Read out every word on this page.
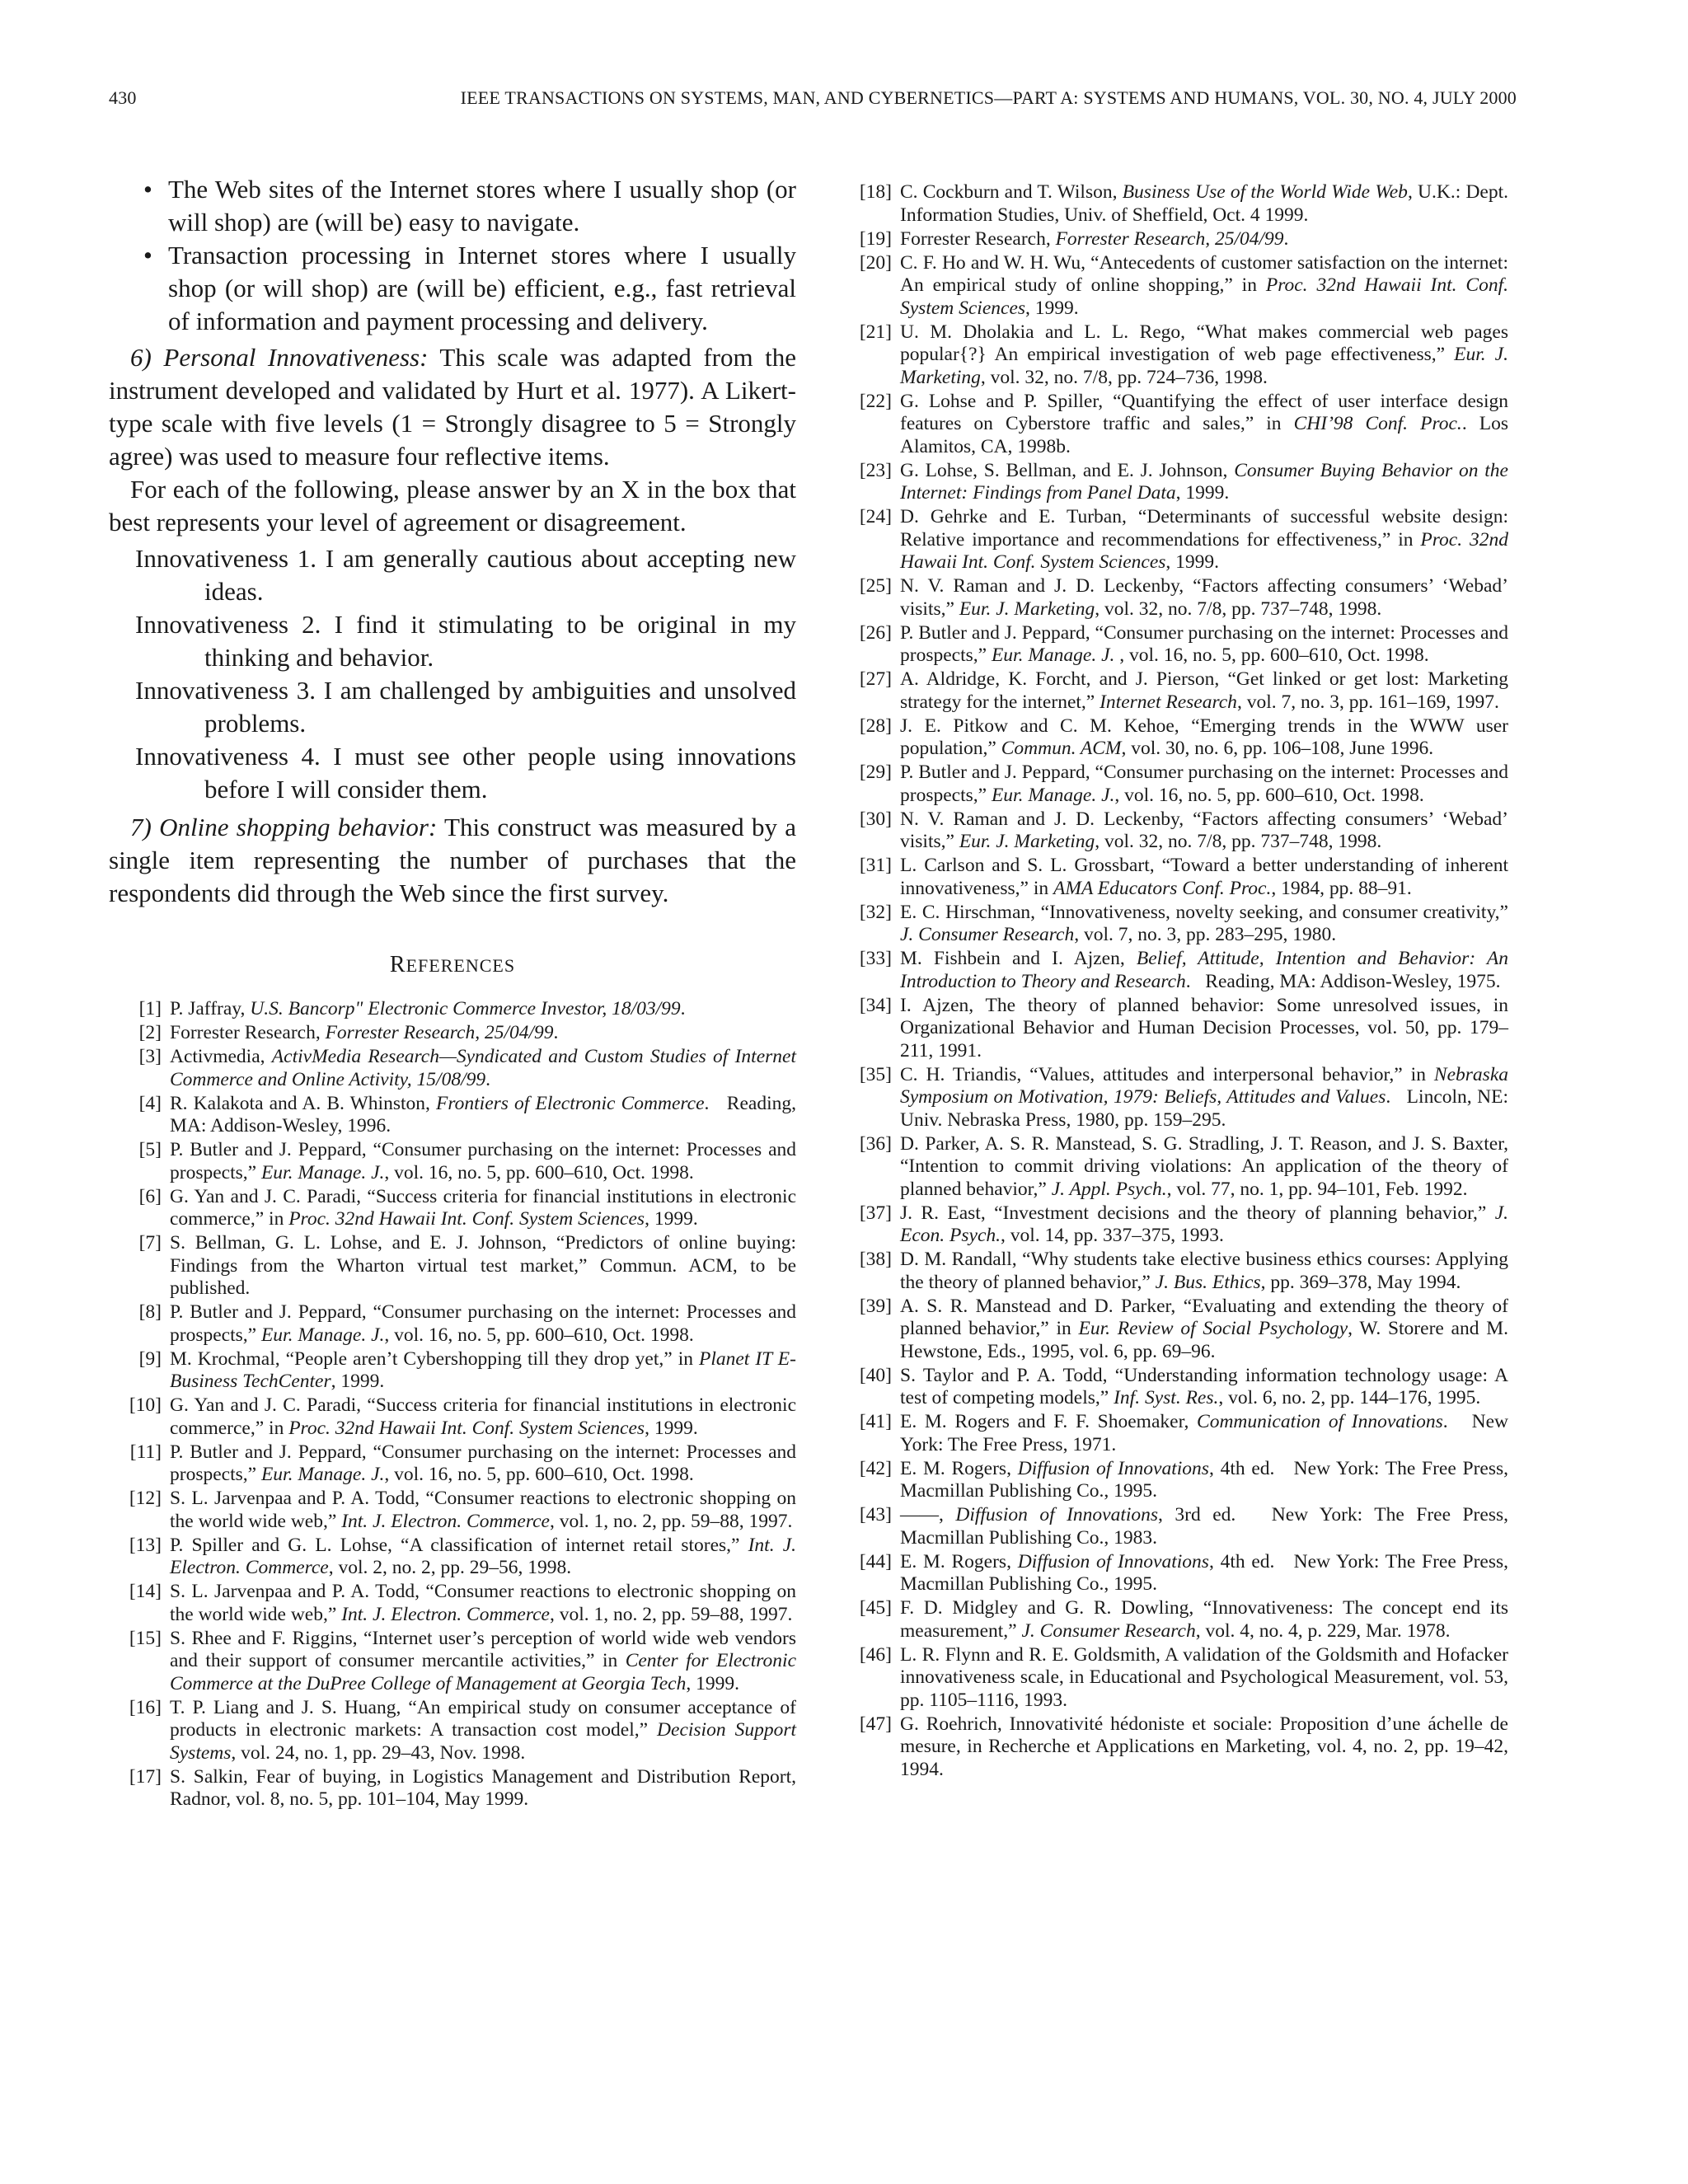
430	IEEE TRANSACTIONS ON SYSTEMS, MAN, AND CYBERNETICS—PART A: SYSTEMS AND HUMANS, VOL. 30, NO. 4, JULY 2000
• The Web sites of the Internet stores where I usually shop (or will shop) are (will be) easy to navigate.
• Transaction processing in Internet stores where I usually shop (or will shop) are (will be) efficient, e.g., fast retrieval of information and payment processing and delivery.

6) Personal Innovativeness: This scale was adapted from the instrument developed and validated by Hurt et al. 1977). A Likert-type scale with five levels (1 = Strongly disagree to 5 = Strongly agree) was used to measure four reflective items.

For each of the following, please answer by an X in the box that best represents your level of agreement or disagreement.

Innovativeness 1. I am generally cautious about accepting new ideas.

Innovativeness 2. I find it stimulating to be original in my thinking and behavior.

Innovativeness 3. I am challenged by ambiguities and unsolved problems.

Innovativeness 4. I must see other people using innovations before I will consider them.

7) Online shopping behavior: This construct was measured by a single item representing the number of purchases that the respondents did through the Web since the first survey.

REFERENCES
[1] P. Jaffray, U.S. Bancorp" Electronic Commerce Investor, 18/03/99.
[2] Forrester Research, Forrester Research, 25/04/99.
[3] Activmedia, ActivMedia Research—Syndicated and Custom Studies of Internet Commerce and Online Activity, 15/08/99.
[4] R. Kalakota and A. B. Whinston, Frontiers of Electronic Commerce.   Reading, MA: Addison-Wesley, 1996.
[5] P. Butler and J. Peppard, “Consumer purchasing on the internet: Processes and prospects,” Eur. Manage. J., vol. 16, no. 5, pp. 600–610, Oct. 1998.
[6] G. Yan and J. C. Paradi, “Success criteria for financial institutions in electronic commerce,” in Proc. 32nd Hawaii Int. Conf. System Sciences, 1999.
[7] S. Bellman, G. L. Lohse, and E. J. Johnson, “Predictors of online buying: Findings from the Wharton virtual test market,” Commun. ACM, to be published.
[8] P. Butler and J. Peppard, “Consumer purchasing on the internet: Processes and prospects,” Eur. Manage. J., vol. 16, no. 5, pp. 600–610, Oct. 1998.
[9] M. Krochmal, “People aren’t Cybershopping till they drop yet,” in Planet IT E-Business TechCenter, 1999.
[10] G. Yan and J. C. Paradi, “Success criteria for financial institutions in electronic commerce,” in Proc. 32nd Hawaii Int. Conf. System Sciences, 1999.
[11] P. Butler and J. Peppard, “Consumer purchasing on the internet: Processes and prospects,” Eur. Manage. J., vol. 16, no. 5, pp. 600–610, Oct. 1998.
[12] S. L. Jarvenpaa and P. A. Todd, “Consumer reactions to electronic shopping on the world wide web,” Int. J. Electron. Commerce, vol. 1, no. 2, pp. 59–88, 1997.
[13] P. Spiller and G. L. Lohse, “A classification of internet retail stores,” Int. J. Electron. Commerce, vol. 2, no. 2, pp. 29–56, 1998.
[14] S. L. Jarvenpaa and P. A. Todd, “Consumer reactions to electronic shopping on the world wide web,” Int. J. Electron. Commerce, vol. 1, no. 2, pp. 59–88, 1997.
[15] S. Rhee and F. Riggins, “Internet user’s perception of world wide web vendors and their support of consumer mercantile activities,” in Center for Electronic Commerce at the DuPree College of Management at Georgia Tech, 1999.
[16] T. P. Liang and J. S. Huang, “An empirical study on consumer acceptance of products in electronic markets: A transaction cost model,” Decision Support Systems, vol. 24, no. 1, pp. 29–43, Nov. 1998.
[17] S. Salkin, Fear of buying, in Logistics Management and Distribution Report, Radnor, vol. 8, no. 5, pp. 101–104, May 1999.
[18] C. Cockburn and T. Wilson, Business Use of the World Wide Web, U.K.: Dept. Information Studies, Univ. of Sheffield, Oct. 4 1999.
[19] Forrester Research, Forrester Research, 25/04/99.
[20] C. F. Ho and W. H. Wu, “Antecedents of customer satisfaction on the internet: An empirical study of online shopping,” in Proc. 32nd Hawaii Int. Conf. System Sciences, 1999.
[21] U. M. Dholakia and L. L. Rego, “What makes commercial web pages popular{?} An empirical investigation of web page effectiveness,” Eur. J. Marketing, vol. 32, no. 7/8, pp. 724–736, 1998.
[22] G. Lohse and P. Spiller, “Quantifying the effect of user interface design features on Cyberstore traffic and sales,” in CHI’98 Conf. Proc.. Los Alamitos, CA, 1998b.
[23] G. Lohse, S. Bellman, and E. J. Johnson, Consumer Buying Behavior on the Internet: Findings from Panel Data, 1999.
[24] D. Gehrke and E. Turban, “Determinants of successful website design: Relative importance and recommendations for effectiveness,” in Proc. 32nd Hawaii Int. Conf. System Sciences, 1999.
[25] N. V. Raman and J. D. Leckenby, “Factors affecting consumers’ ‘Webad’ visits,” Eur. J. Marketing, vol. 32, no. 7/8, pp. 737–748, 1998.
[26] P. Butler and J. Peppard, “Consumer purchasing on the internet: Processes and prospects,” Eur. Manage. J. , vol. 16, no. 5, pp. 600–610, Oct. 1998.
[27] A. Aldridge, K. Forcht, and J. Pierson, “Get linked or get lost: Marketing strategy for the internet,” Internet Research, vol. 7, no. 3, pp. 161–169, 1997.
[28] J. E. Pitkow and C. M. Kehoe, “Emerging trends in the WWW user population,” Commun. ACM, vol. 30, no. 6, pp. 106–108, June 1996.
[29] P. Butler and J. Peppard, “Consumer purchasing on the internet: Processes and prospects,” Eur. Manage. J., vol. 16, no. 5, pp. 600–610, Oct. 1998.
[30] N. V. Raman and J. D. Leckenby, “Factors affecting consumers’ ‘Webad’ visits,” Eur. J. Marketing, vol. 32, no. 7/8, pp. 737–748, 1998.
[31] L. Carlson and S. L. Grossbart, “Toward a better understanding of inherent innovativeness,” in AMA Educators Conf. Proc., 1984, pp. 88–91.
[32] E. C. Hirschman, “Innovativeness, novelty seeking, and consumer creativity,” J. Consumer Research, vol. 7, no. 3, pp. 283–295, 1980.
[33] M. Fishbein and I. Ajzen, Belief, Attitude, Intention and Behavior: An Introduction to Theory and Research.   Reading, MA: Addison-Wesley, 1975.
[34] I. Ajzen, The theory of planned behavior: Some unresolved issues, in Organizational Behavior and Human Decision Processes, vol. 50, pp. 179–211, 1991.
[35] C. H. Triandis, “Values, attitudes and interpersonal behavior,” in Nebraska Symposium on Motivation, 1979: Beliefs, Attitudes and Values.   Lincoln, NE: Univ. Nebraska Press, 1980, pp. 159–295.
[36] D. Parker, A. S. R. Manstead, S. G. Stradling, J. T. Reason, and J. S. Baxter, “Intention to commit driving violations: An application of the theory of planned behavior,” J. Appl. Psych., vol. 77, no. 1, pp. 94–101, Feb. 1992.
[37] J. R. East, “Investment decisions and the theory of planning behavior,” J. Econ. Psych., vol. 14, pp. 337–375, 1993.
[38] D. M. Randall, “Why students take elective business ethics courses: Applying the theory of planned behavior,” J. Bus. Ethics, pp. 369–378, May 1994.
[39] A. S. R. Manstead and D. Parker, “Evaluating and extending the theory of planned behavior,” in Eur. Review of Social Psychology, W. Storere and M. Hewstone, Eds., 1995, vol. 6, pp. 69–96.
[40] S. Taylor and P. A. Todd, “Understanding information technology usage: A test of competing models,” Inf. Syst. Res., vol. 6, no. 2, pp. 144–176, 1995.
[41] E. M. Rogers and F. F. Shoemaker, Communication of Innovations.   New York: The Free Press, 1971.
[42] E. M. Rogers, Diffusion of Innovations, 4th ed.   New York: The Free Press, Macmillan Publishing Co., 1995.
[43] ——, Diffusion of Innovations, 3rd ed.   New York: The Free Press, Macmillan Publishing Co., 1983.
[44] E. M. Rogers, Diffusion of Innovations, 4th ed.   New York: The Free Press, Macmillan Publishing Co., 1995.
[45] F. D. Midgley and G. R. Dowling, “Innovativeness: The concept end its measurement,” J. Consumer Research, vol. 4, no. 4, p. 229, Mar. 1978.
[46] L. R. Flynn and R. E. Goldsmith, A validation of the Goldsmith and Hofacker innovativeness scale, in Educational and Psychological Measurement, vol. 53, pp. 1105–1116, 1993.
[47] G. Roehrich, Innovativité hédoniste et sociale: Proposition d’une áchelle de mesure, in Recherche et Applications en Marketing, vol. 4, no. 2, pp. 19–42, 1994.
